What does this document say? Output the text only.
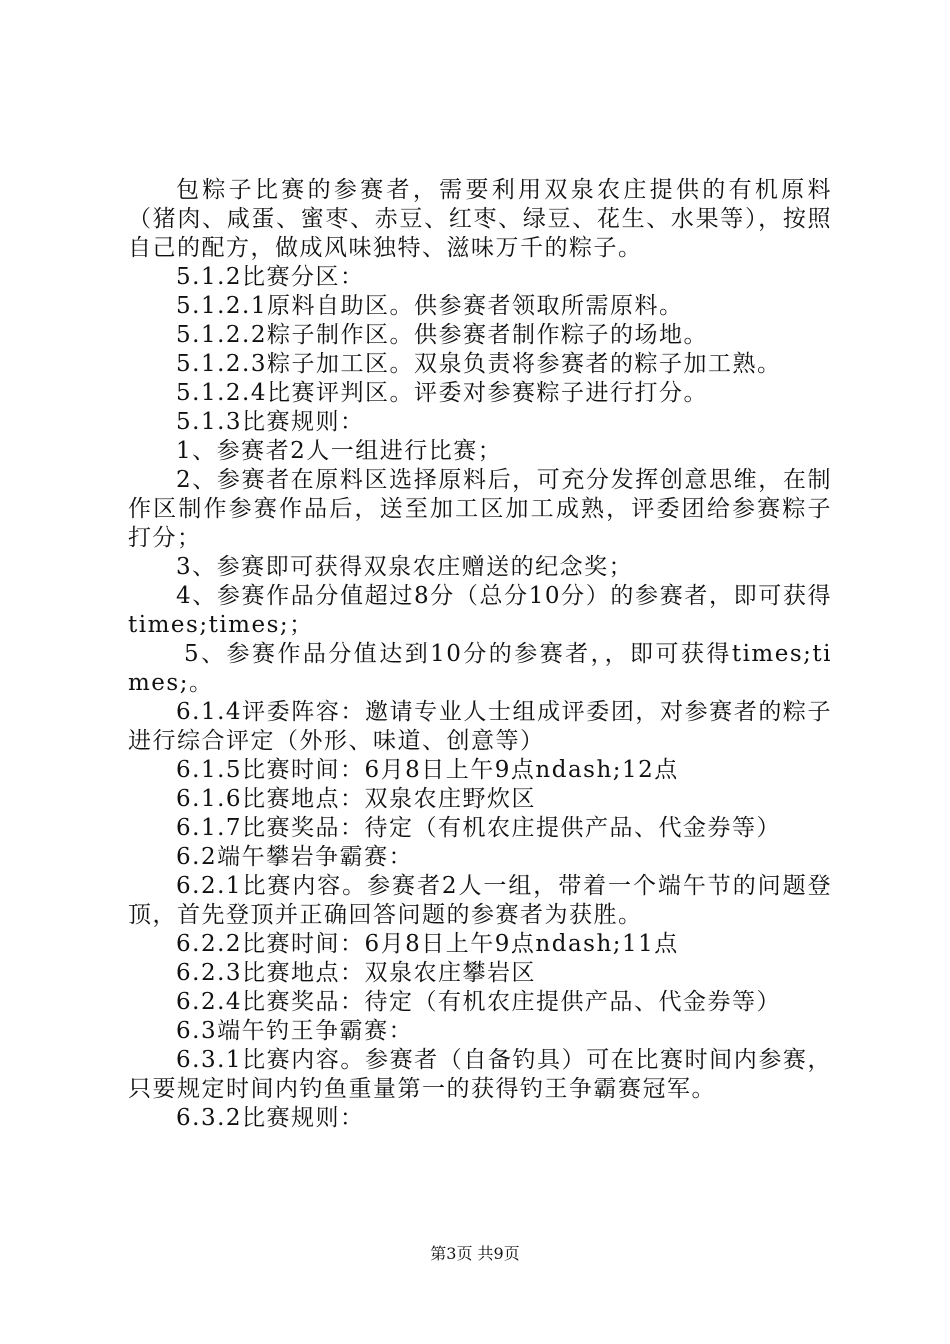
包粽子比赛的参赛者，需要利用双泉农庄提供的有机原料（猪肉、咸蛋、蜜枣、赤豆、红枣、绿豆、花生、水果等），按照自己的配方，做成风味独特、滋味万千的粽子。

5.1.2比赛分区：

5.1.2.1原料自助区。供参赛者领取所需原料。

5.1.2.2粽子制作区。供参赛者制作粽子的场地。

5.1.2.3粽子加工区。双泉负责将参赛者的粽子加工熟。

5.1.2.4比赛评判区。评委对参赛粽子进行打分。

5.1.3比赛规则：

1、参赛者2人一组进行比赛；

2、参赛者在原料区选择原料后，可充分发挥创意思维，在制作区制作参赛作品后，送至加工区加工成熟，评委团给参赛粽子打分；

3、参赛即可获得双泉农庄赠送的纪念奖；

4、参赛作品分值超过8分（总分10分）的参赛者，即可获得times;times;；

5、参赛作品分值达到10分的参赛者，，即可获得times;times;。

6.1.4评委阵容：邀请专业人士组成评委团，对参赛者的粽子进行综合评定（外形、味道、创意等）

6.1.5比赛时间：6月8日上午9点ndash;12点

6.1.6比赛地点：双泉农庄野炊区

6.1.7比赛奖品：待定（有机农庄提供产品、代金券等）

6.2端午攀岩争霸赛：

6.2.1比赛内容。参赛者2人一组，带着一个端午节的问题登顶，首先登顶并正确回答问题的参赛者为获胜。

6.2.2比赛时间：6月8日上午9点ndash;11点

6.2.3比赛地点：双泉农庄攀岩区

6.2.4比赛奖品：待定（有机农庄提供产品、代金券等）

6.3端午钓王争霸赛：

6.3.1比赛内容。参赛者（自备钓具）可在比赛时间内参赛，只要规定时间内钓鱼重量第一的获得钓王争霸赛冠军。

6.3.2比赛规则：

第3页 共9页
